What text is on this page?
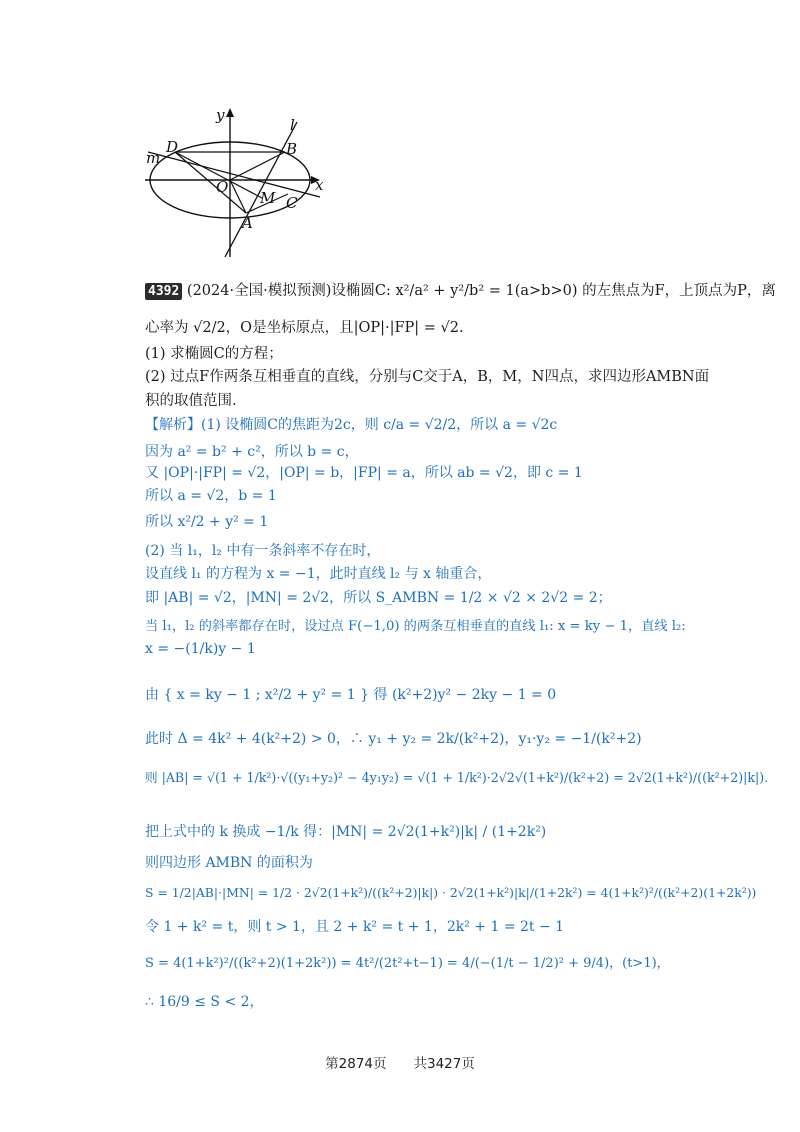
y
x
l
m
D	B
O
M C
A
4392 (2024·全国·模拟预测)设椭圆C: x²/a² + y²/b² = 1(a>b>0) 的左焦点为F，上顶点为P，离
心率为 √2/2，O是坐标原点，且|OP|·|FP| = √2.
(1) 求椭圆C的方程；
(2) 过点F作两条互相垂直的直线，分别与C交于A，B，M，N四点，求四边形AMBN面
积的取值范围.
【解析】(1) 设椭圆C的焦距为2c，则 c/a = √2/2，所以 a = √2c
因为 a² = b² + c²，所以 b = c，
又 |OP|·|FP| = √2，|OP| = b，|FP| = a，所以 ab = √2，即 c = 1
所以 a = √2，b = 1
所以 x²/2 + y² = 1
(2) 当 l₁，l₂ 中有一条斜率不存在时，
设直线 l₁ 的方程为 x = −1，此时直线 l₂ 与 x 轴重合，
即 |AB| = √2，|MN| = 2√2，所以 S_AMBN = 1/2 × √2 × 2√2 = 2；
当 l₁，l₂ 的斜率都存在时，设过点 F(−1,0) 的两条互相垂直的直线 l₁: x = ky − 1，直线 l₂:
x = −(1/k)y − 1
由 { x = ky − 1 ; x²/2 + y² = 1 } 得 (k²+2)y² − 2ky − 1 = 0
此时 Δ = 4k² + 4(k²+2) > 0，∴ y₁ + y₂ = 2k/(k²+2)，y₁·y₂ = −1/(k²+2)
则 |AB| = √(1 + 1/k²)·√((y₁+y₂)² − 4y₁y₂) = √(1 + 1/k²)·2√2√(1+k²)/(k²+2) = 2√2(1+k²)/((k²+2)|k|).
把上式中的 k 换成 −1/k 得：|MN| = 2√2(1+k²)|k| / (1+2k²)
则四边形 AMBN 的面积为
S = 1/2|AB|·|MN| = 1/2 · 2√2(1+k²)/((k²+2)|k|) · 2√2(1+k²)|k|/(1+2k²) = 4(1+k²)²/((k²+2)(1+2k²))
令 1 + k² = t，则 t > 1，且 2 + k² = t + 1，2k² + 1 = 2t − 1
S = 4(1+k²)²/((k²+2)(1+2k²)) = 4t²/(2t²+t−1) = 4/(−(1/t − 1/2)² + 9/4)，(t>1)，
∴ 16/9 ≤ S < 2，
第2874页　　共3427页
